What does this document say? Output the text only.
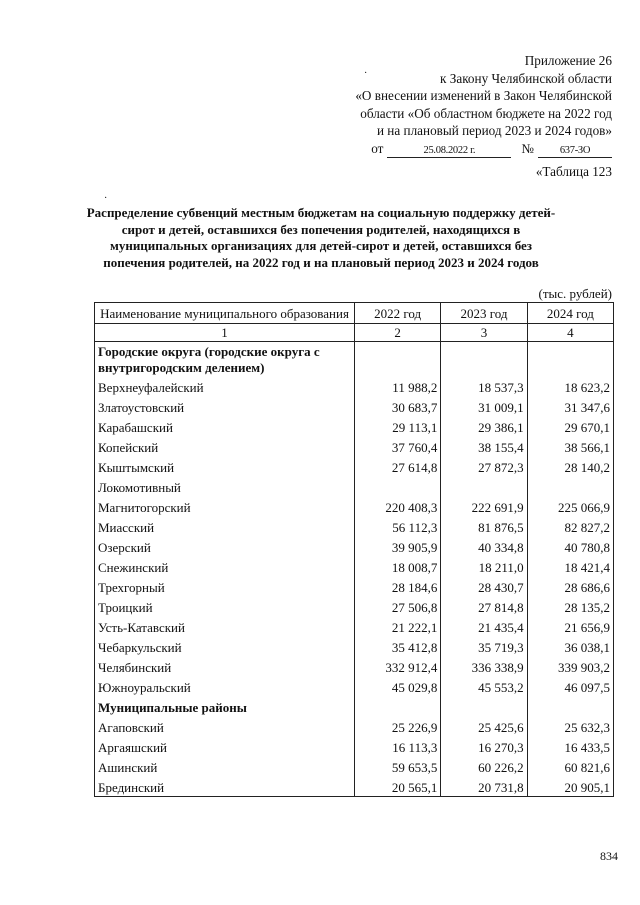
Приложение 26
к Закону Челябинской области
«О внесении изменений в Закон Челябинской
области «Об областном бюджете на 2022 год
и на плановый период 2023 и 2024 годов»
от	25.08.2022 г.	№	637-ЗО
·
·
«Таблица 123
Распределение субвенций местным бюджетам на социальную поддержку детей-сирот и детей, оставшихся без попечения родителей, находящихся в муниципальных организациях для детей-сирот и детей, оставшихся без попечения родителей, на 2022 год и на плановый период 2023 и 2024 годов
(тыс. рублей)
Наименование муниципального образования	2022 год	2023 год	2024 год
1	2	3	4
Городские округа (городские округа с внутригородским делением)			
Верхнеуфалейский	11 988,2	18 537,3	18 623,2
Златоустовский	30 683,7	31 009,1	31 347,6
Карабашский	29 113,1	29 386,1	29 670,1
Копейский	37 760,4	38 155,4	38 566,1
Кыштымский	27 614,8	27 872,3	28 140,2
Локомотивный			
Магнитогорский	220 408,3	222 691,9	225 066,9
Миасский	56 112,3	81 876,5	82 827,2
Озерский	39 905,9	40 334,8	40 780,8
Снежинский	18 008,7	18 211,0	18 421,4
Трехгорный	28 184,6	28 430,7	28 686,6
Троицкий	27 506,8	27 814,8	28 135,2
Усть-Катавский	21 222,1	21 435,4	21 656,9
Чебаркульский	35 412,8	35 719,3	36 038,1
Челябинский	332 912,4	336 338,9	339 903,2
Южноуральский	45 029,8	45 553,2	46 097,5
Муниципальные районы			
Агаповский	25 226,9	25 425,6	25 632,3
Аргаяшский	16 113,3	16 270,3	16 433,5
Ашинский	59 653,5	60 226,2	60 821,6
Брединский	20 565,1	20 731,8	20 905,1
834
